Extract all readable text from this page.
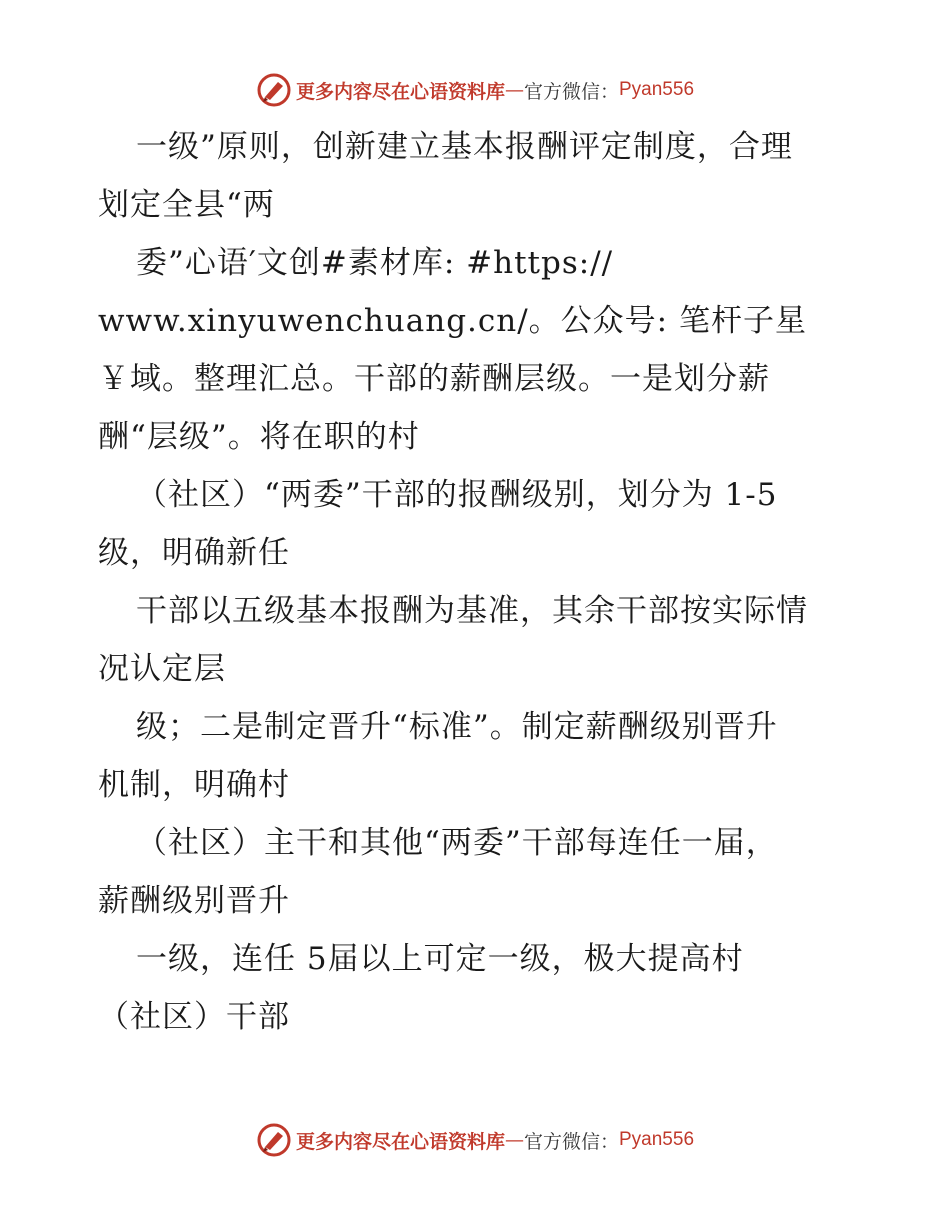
更多内容尽在心语资料库 — 官方微信： Pyan556
一级”原则，创新建立基本报酬评定制度，合理
划定全县“两
委”心语′文创#素材库: #https://
www.xinyuwenchuang.cn/。公众号: 笔杆子星
￥域。整理汇总。干部的薪酬层级。一是划分薪
酬“层级”。将在职的村
（社区）“两委”干部的报酬级别，划分为 1-5
级，明确新任
干部以五级基本报酬为基准，其余干部按实际情
况认定层
级；二是制定晋升“标准”。制定薪酬级别晋升
机制，明确村
（社区）主干和其他“两委”干部每连任一届，
薪酬级别晋升
一级，连任 5届以上可定一级，极大提高村
（社区）干部
更多内容尽在心语资料库 — 官方微信： Pyan556
